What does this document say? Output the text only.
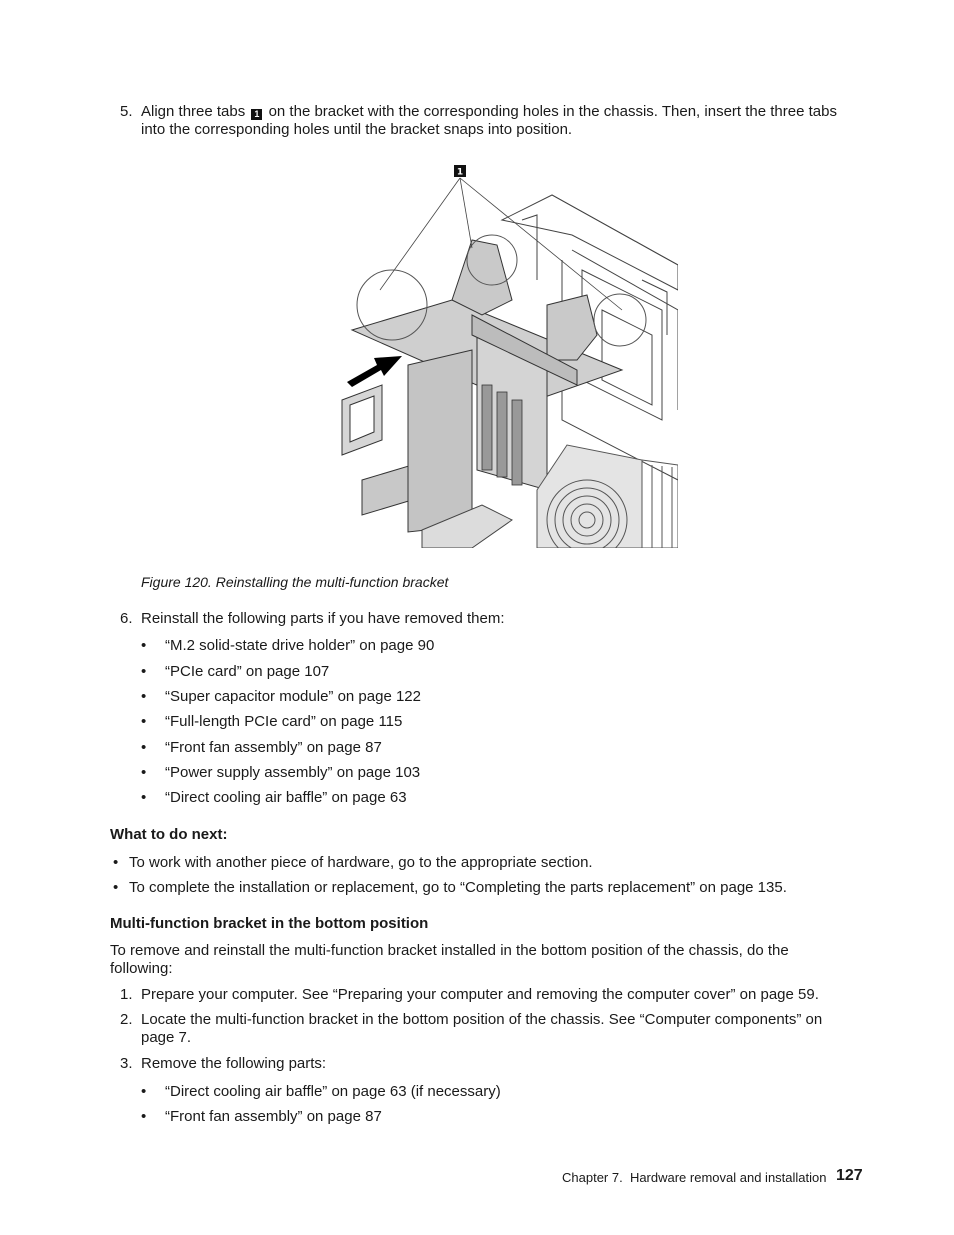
5. Align three tabs 1 on the bracket with the corresponding holes in the chassis. Then, insert the three tabs
into the corresponding holes until the bracket snaps into position.
1
Figure 120. Reinstalling the multi-function bracket
6. Reinstall the following parts if you have removed them:
• “M.2 solid-state drive holder” on page 90
• “PCIe card” on page 107
• “Super capacitor module” on page 122
• “Full-length PCIe card” on page 115
• “Front fan assembly” on page 87
• “Power supply assembly” on page 103
• “Direct cooling air baffle” on page 63
What to do next:
• To work with another piece of hardware, go to the appropriate section.
• To complete the installation or replacement, go to “Completing the parts replacement” on page 135.
Multi-function bracket in the bottom position
To remove and reinstall the multi-function bracket installed in the bottom position of the chassis, do the
following:
1. Prepare your computer. See “Preparing your computer and removing the computer cover” on page 59.
2. Locate the multi-function bracket in the bottom position of the chassis. See “Computer components” on
page 7.
3. Remove the following parts:
• “Direct cooling air baffle” on page 63 (if necessary)
• “Front fan assembly” on page 87
Chapter 7. Hardware removal and installation 127
